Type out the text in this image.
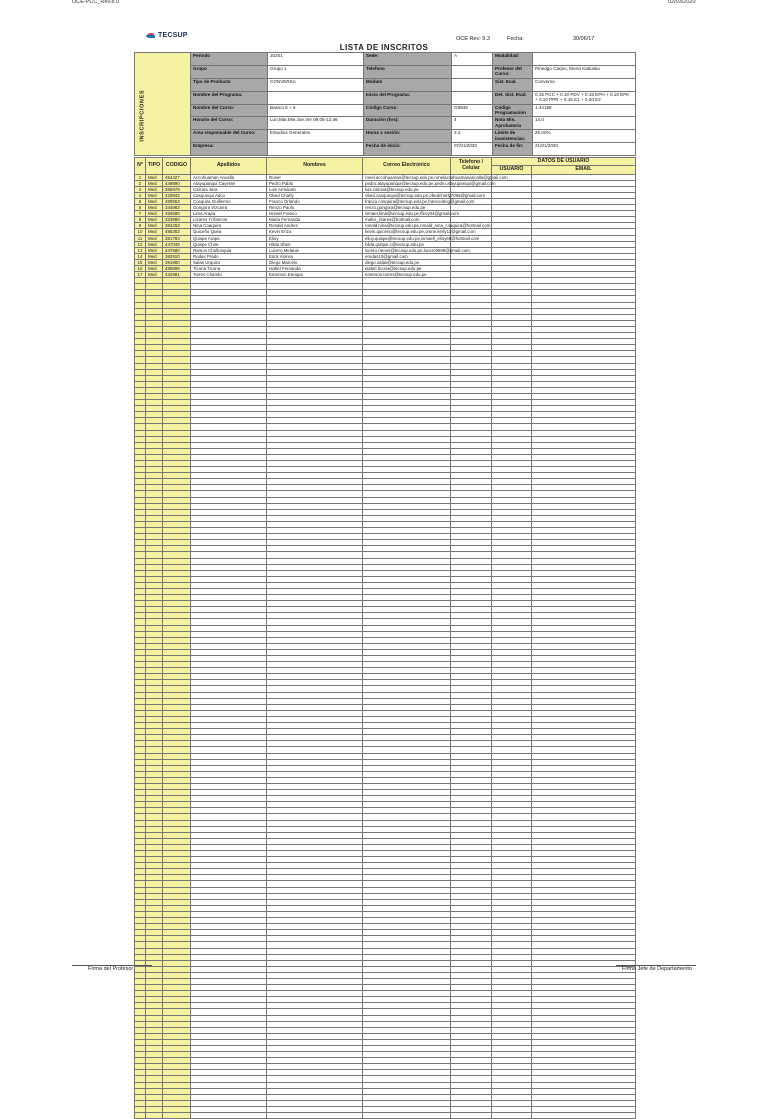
OCE-PCC_Rev.8.0	02/03/2020
TECSUP
LISTA DE INSCRITOS
OCE Rev: 9.3	Fecha:	30/06/17
INSCRIPCIONES	Periodo	20201	Sede:	A	Modalidad:	
	Grupo	Grupo 1	Telefono		Profesor del Curso:	Pinedgo Carpio, Elena Katiuska
	Tipo de Producto	CONVERSA	Módulo		Sist. Eval.	Conversa
	Nombre del Programa:		Inicio del Programa:		Det. Sist. Eval.	0.15 PCC + 0.10 PDV + 0.15 EPH + 0.15 EPK + 0.10 PPR + 0.15 E1 + 0.20 E2
	Nombre del Curso:	Basico 5 + 6	Código Curso:	G8948	Código Programación	1.44168
	Horario del Curso:	Lun,Mar,Mie,Jue,Vie 09:05-12:46	Duración (hrs):	4	Nota Min. Aprobatoria	14.0
	Area responsable del Curso:	Estudios Generales	Horas x sesión:	3.2	Limite de inasistencias:	25.00%
	Empresa:		Fecha de inicio:	07/01/2020	Fecha de fin:	21/01/2020
Nº	TIPO	CODIGO	Apellidos	Nombres	Correo Electrónico	Telefono / Celular	DATOS DE USUARIO	
							USUARIO	EMAIL
1	Med	454427	Accohuaman Ancalla	Ronel	ronel.accohuaman@tecsup.edu.pe,ronelaccahuamanancalla@gmail.com			
2	Med	449890	Atayupanqui Cayente	Pedro Pablo	pedro.atayupanqui@tecsup.edu.pe,pedro.atayupanqui@gmail.com			
3	Med	365978	Calcina Jara	Luis Armando	luis.calcina@tecsup.edu.pe			
4	Med	420942	Casquequi Adco	Obed Charly	obed.casquequi@tecsup.edu.pe,obedcharly7065@gmail.com			
5	Med	480553	Cosquira Guillermo	Franco Orlando	franco.cosquira@tecsup.edu.pe,francoo6cg@gmail.com			
6	Med	344962	Gongora Vizcarra	Renzo Paolo	renzo.gongora@tecsup.edu.pe			
7	Med	450680	Lima Arapa	Ismael Franco	ismael.lima@tecsup.edu.pe,ffiroy04@gmail.com			
8	Med	323590	Lizares Yrrfancos	Maria Fernanda	mafer_lizares@hotmail.com			
9	Med	384263	Nina Coaquira	Ronald Andres	ronald.nina@tecsup.edu.pe,ronald_nina_coaquira@hotmail.com			
10	Med	485353	Quiceño Quea	Kevin Enzo	kevin.quiceno@tecsup.edu.pe,omne.kerly11@gmail.com			
11	Med	381783	Quispe Arapa	Elioy	elioy.quispe@tecsup.edu.pe,ismaell_elioy69@hotmail.com			
12	Med	447049	Quispe Chire	Hilda Sheri	hilda.quispe.c@tecsup.edu.pe			
13	Med	447680	Ramos Chullunquia	Lucero Melanie	lucero.ramos@tecsup.edu.pe,lucero0508@gmail.com			
14	Med	382910	Rodas Prado	Erick Alonso	erodas10@gmail.com			
15	Med	391880	Salas Urquizo	Diego Marcelo	diego.salas@tecsup.edu.pe			
16	Med	485895	Ticona Ticona	Isabel Fernanda	isabel.ticona@tecsup.edu.pe			
17	Med	432981	Torres Chambi	Emerson Enrique	emerson.torres@tecsup.edu.pe			

Firma del Profesor	Firma Jefe de Departamento
